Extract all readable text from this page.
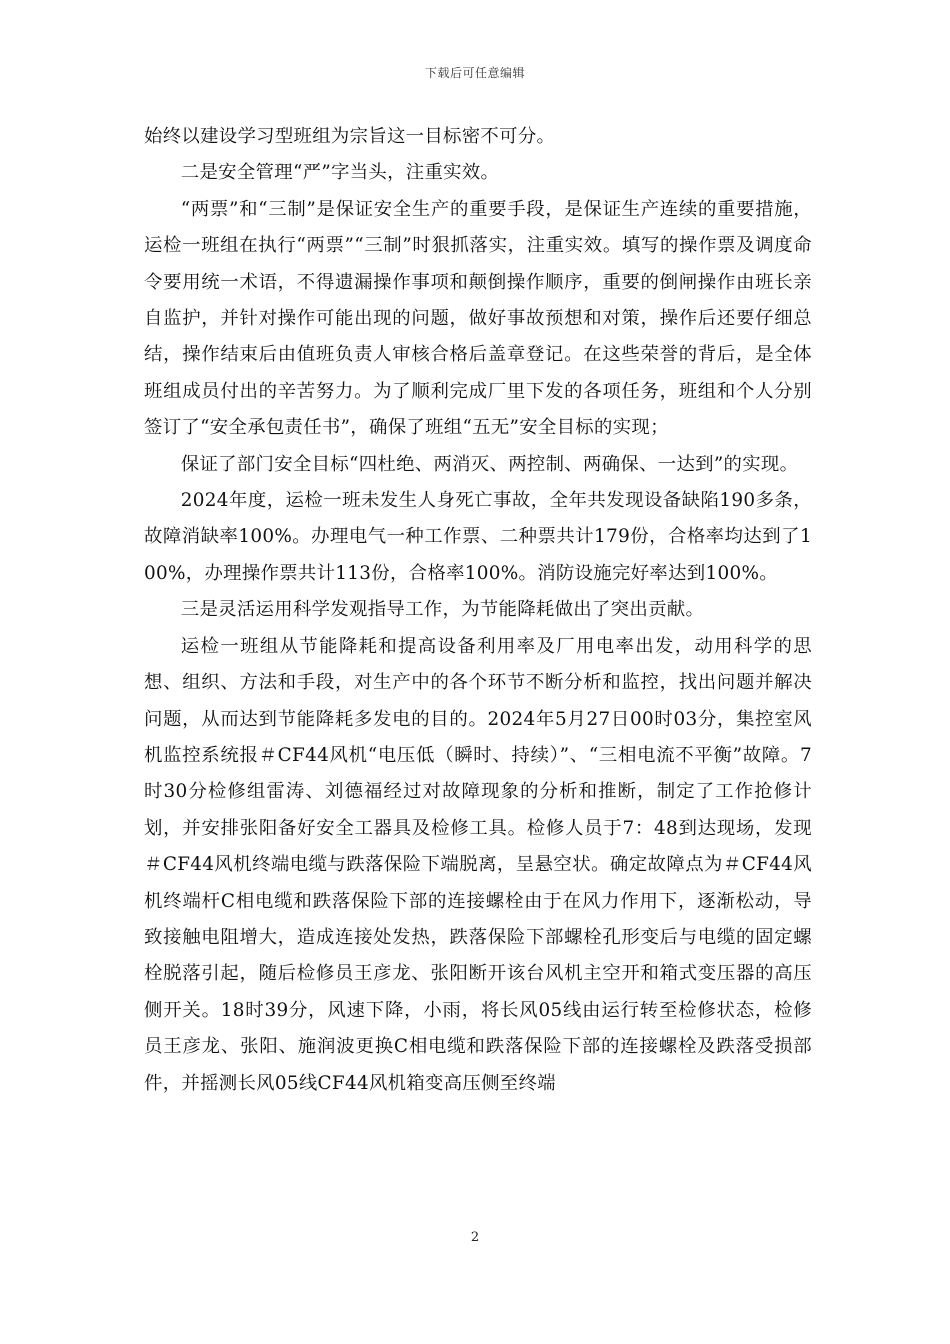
下载后可任意编辑

始终以建设学习型班组为宗旨这一目标密不可分。

二是安全管理“严”字当头，注重实效。

“两票”和“三制”是保证安全生产的重要手段，是保证生产连续的重要措施，运检一班组在执行“两票”“三制”时狠抓落实，注重实效。填写的操作票及调度命令要用统一术语，不得遗漏操作事项和颠倒操作顺序，重要的倒闸操作由班长亲自监护，并针对操作可能出现的问题，做好事故预想和对策，操作后还要仔细总结，操作结束后由值班负责人审核合格后盖章登记。在这些荣誉的背后，是全体班组成员付出的辛苦努力。为了顺利完成厂里下发的各项任务，班组和个人分别签订了“安全承包责任书”，确保了班组“五无”安全目标的实现；

保证了部门安全目标“四杜绝、两消灭、两控制、两确保、一达到”的实现。

2024年度，运检一班未发生人身死亡事故，全年共发现设备缺陷190多条，故障消缺率100%。办理电气一种工作票、二种票共计179份，合格率均达到了100%，办理操作票共计113份，合格率100%。消防设施完好率达到100%。

三是灵活运用科学发观指导工作，为节能降耗做出了突出贡献。

运检一班组从节能降耗和提高设备利用率及厂用电率出发，动用科学的思想、组织、方法和手段，对生产中的各个环节不断分析和监控，找出问题并解决问题，从而达到节能降耗多发电的目的。2024年5月27日00时03分，集控室风机监控系统报＃CF44风机“电压低（瞬时、持续）”、“三相电流不平衡”故障。7时30分检修组雷涛、刘德福经过对故障现象的分析和推断，制定了工作抢修计划，并安排张阳备好安全工器具及检修工具。检修人员于7：48到达现场，发现＃CF44风机终端电缆与跌落保险下端脱离，呈悬空状。确定故障点为＃CF44风机终端杆C相电缆和跌落保险下部的连接螺栓由于在风力作用下，逐渐松动，导致接触电阻增大，造成连接处发热，跌落保险下部螺栓孔形变后与电缆的固定螺栓脱落引起，随后检修员王彦龙、张阳断开该台风机主空开和箱式变压器的高压侧开关。18时39分，风速下降，小雨，将长风05线由运行转至检修状态，检修员王彦龙、张阳、施润波更换C相电缆和跌落保险下部的连接螺栓及跌落受损部件，并摇测长风05线CF44风机箱变高压侧至终端

2
